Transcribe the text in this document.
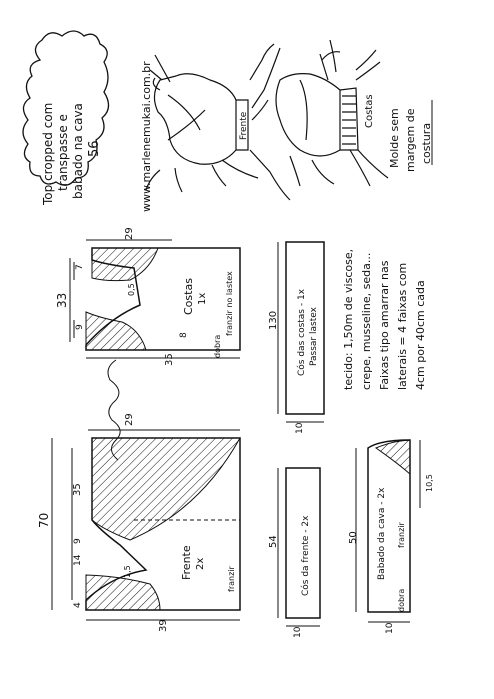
Top cropped com transpasse e babado na cava 56	www.marlenemukai.com.br	Frente	Costas Molde sem margem de costura
29
33
35
7
9
8
0,5	Costas 1x franzir no lastex
dobra
70
29
35
39
14
9
4
1,5	Frente 2x
franzir
130 Cós das costas - 1x Passar lastex
10
54 Cós da frente - 2x
10
tecido: 1,50m de viscose, crepe, musseline, seda... Faixas tipo amarrar nas laterais = 4 faixas com 4cm por 40cm cada
50 Babado da cava - 2x franzir
dobra
10
10,5
